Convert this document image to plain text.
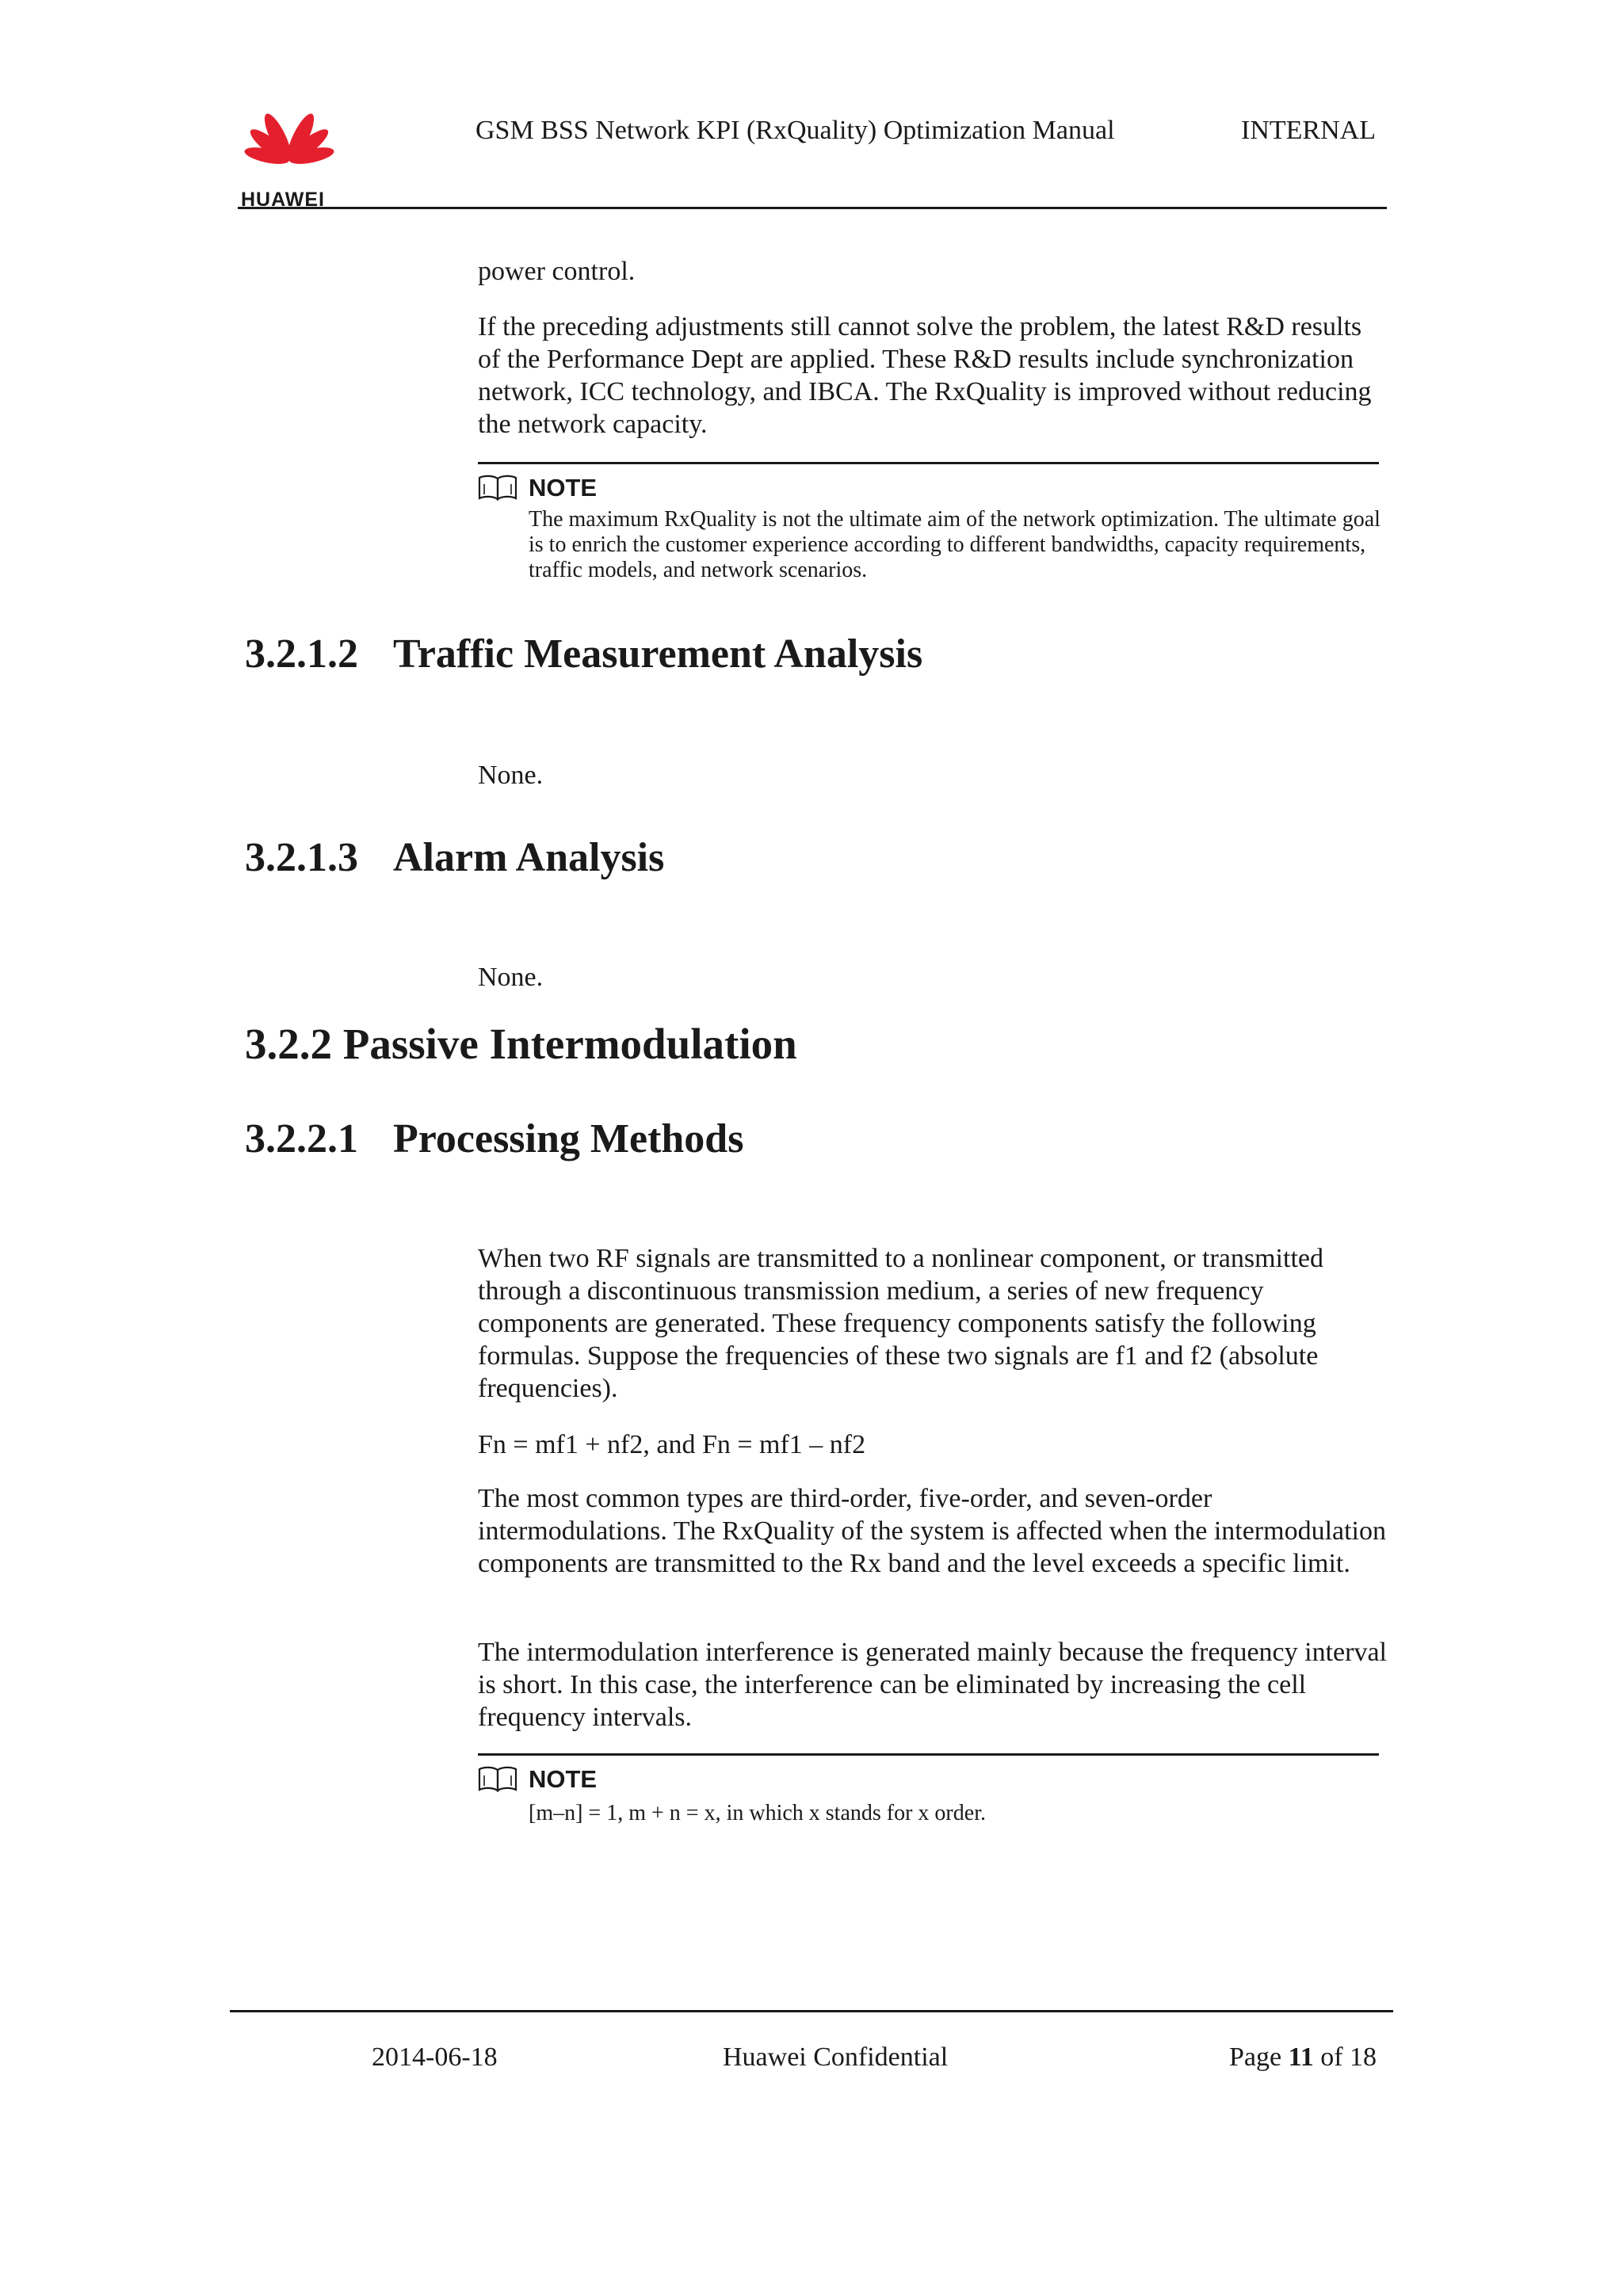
HUAWEI
GSM BSS Network KPI (RxQuality) Optimization Manual	INTERNAL
power control.
If the preceding adjustments still cannot solve the problem, the latest R&D results of the Performance Dept are applied. These R&D results include synchronization network, ICC technology, and IBCA. The RxQuality is improved without reducing the network capacity.
NOTE
The maximum RxQuality is not the ultimate aim of the network optimization. The ultimate goal is to enrich the customer experience according to different bandwidths, capacity requirements, traffic models, and network scenarios.
3.2.1.2 Traffic Measurement Analysis
None.
3.2.1.3 Alarm Analysis
None.
3.2.2 Passive Intermodulation
3.2.2.1 Processing Methods
When two RF signals are transmitted to a nonlinear component, or transmitted through a discontinuous transmission medium, a series of new frequency components are generated. These frequency components satisfy the following formulas. Suppose the frequencies of these two signals are f1 and f2 (absolute frequencies).
Fn = mf1 + nf2, and Fn = mf1 – nf2
The most common types are third-order, five-order, and seven-order intermodulations. The RxQuality of the system is affected when the intermodulation components are transmitted to the Rx band and the level exceeds a specific limit.
The intermodulation interference is generated mainly because the frequency interval is short. In this case, the interference can be eliminated by increasing the cell frequency intervals.
NOTE
[m–n] = 1, m + n = x, in which x stands for x order.
2014-06-18	Huawei Confidential	Page 11 of 18
